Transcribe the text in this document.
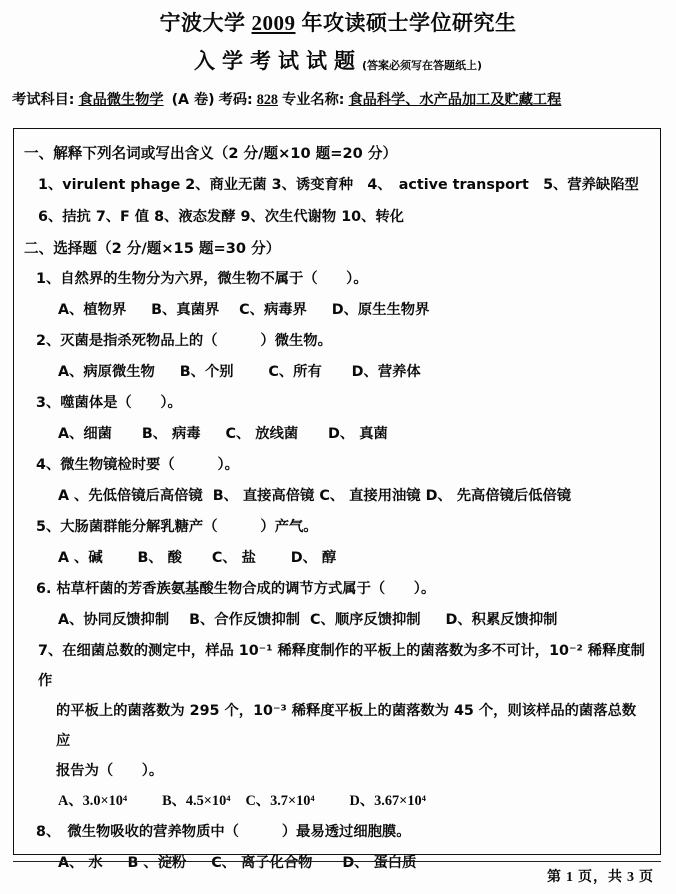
宁波大学 2009 年攻读硕士学位研究生
入学考试试题(答案必须写在答题纸上)
考试科目: 食品微生物学 (A 卷) 考码: 828 专业名称: 食品科学、水产品加工及贮藏工程
一、解释下列名词或写出含义（2 分/题×10 题=20 分）
1、virulent phage 2、商业无菌 3、诱变育种　4、　active transport　5、营养缺陷型
6、拮抗 7、F 值 8、液态发酵 9、次生代谢物 10、转化
二、选择题（2 分/题×15 题=30 分）
1、自然界的生物分为六界，微生物不属于（　　）。
A、植物界 B、真菌界 C、病毒界 D、原生生物界
2、灭菌是指杀死物品上的（　　　）微生物。
A、病原微生物 B、个别 C、所有 D、营养体
3、噬菌体是（　　）。
A、细菌 B、 病毒 C、 放线菌 D、 真菌
4、微生物镜检时要（　　　）。
A 、先低倍镜后高倍镜 B、 直接高倍镜 C、 直接用油镜 D、 先高倍镜后低倍镜
5、大肠菌群能分解乳糖产（　　　）产气。
A 、碱 B、 酸 C、 盐 D、 醇
6. 枯草杆菌的芳香族氨基酸生物合成的调节方式属于（　　）。
A、协同反馈抑制 B、合作反馈抑制 C、顺序反馈抑制 D、积累反馈抑制
7、在细菌总数的测定中，样品 10⁻¹ 稀释度制作的平板上的菌落数为多不可计，10⁻² 稀释度制作
的平板上的菌落数为 295 个，10⁻³ 稀释度平板上的菌落数为 45 个，则该样品的菌落总数应
报告为（　　）。
A、3.0×10⁴ B、4.5×10⁴ C、3.7×10⁴ D、3.67×10⁴
8、　微生物吸收的营养物质中（　　　）最易透过细胞膜。
A、 水 B 、淀粉 C、 离子化合物 D、 蛋白质
第 1 页，共 3 页
